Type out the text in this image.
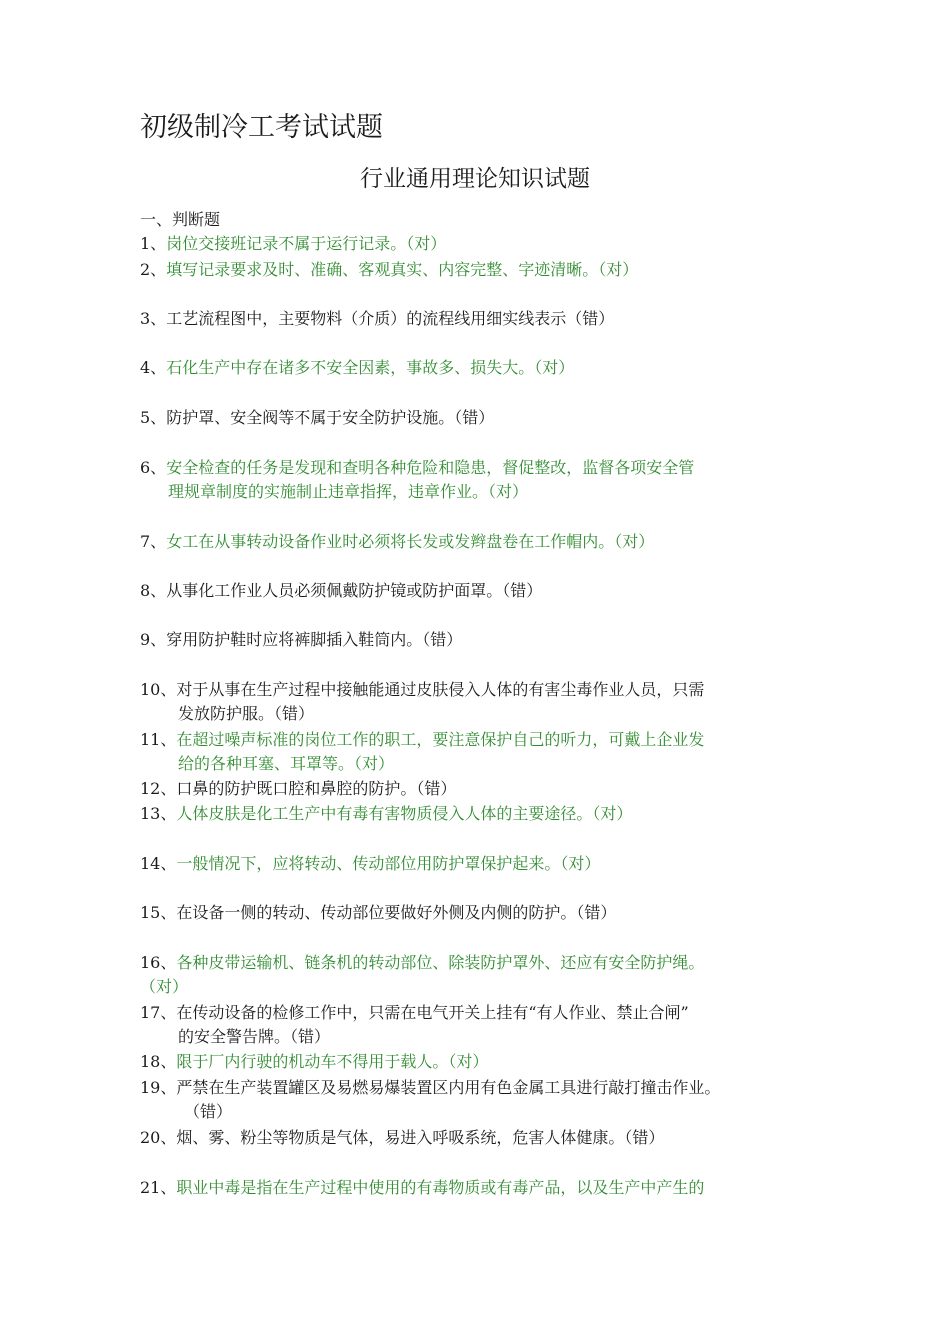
初级制冷工考试试题
行业通用理论知识试题
一、判断题
1、岗位交接班记录不属于运行记录。（对）
2、填写记录要求及时、准确、客观真实、内容完整、字迹清晰。（对）
3、工艺流程图中，主要物料（介质）的流程线用细实线表示（错）
4、石化生产中存在诸多不安全因素，事故多、损失大。（对）
5、防护罩、安全阀等不属于安全防护设施。（错）
6、安全检查的任务是发现和查明各种危险和隐患，督促整改，监督各项安全管
理规章制度的实施制止违章指挥，违章作业。（对）
7、女工在从事转动设备作业时必须将长发或发辫盘卷在工作帽内。（对）
8、从事化工作业人员必须佩戴防护镜或防护面罩。（错）
9、穿用防护鞋时应将裤脚插入鞋筒内。（错）
10、对于从事在生产过程中接触能通过皮肤侵入人体的有害尘毒作业人员，只需
发放防护服。（错）
11、在超过噪声标准的岗位工作的职工，要注意保护自己的听力，可戴上企业发
给的各种耳塞、耳罩等。（对）
12、口鼻的防护既口腔和鼻腔的防护。（错）
13、人体皮肤是化工生产中有毒有害物质侵入人体的主要途径。（对）
14、一般情况下，应将转动、传动部位用防护罩保护起来。（对）
15、在设备一侧的转动、传动部位要做好外侧及内侧的防护。（错）
16、各种皮带运输机、链条机的转动部位、除装防护罩外、还应有安全防护绳。
（对）
17、在传动设备的检修工作中，只需在电气开关上挂有“有人作业、禁止合闸”
的安全警告牌。（错）
18、限于厂内行驶的机动车不得用于载人。（对）
19、严禁在生产装置罐区及易燃易爆装置区内用有色金属工具进行敲打撞击作业。
（错）
20、烟、雾、粉尘等物质是气体，易进入呼吸系统，危害人体健康。（错）
21、职业中毒是指在生产过程中使用的有毒物质或有毒产品，以及生产中产生的
